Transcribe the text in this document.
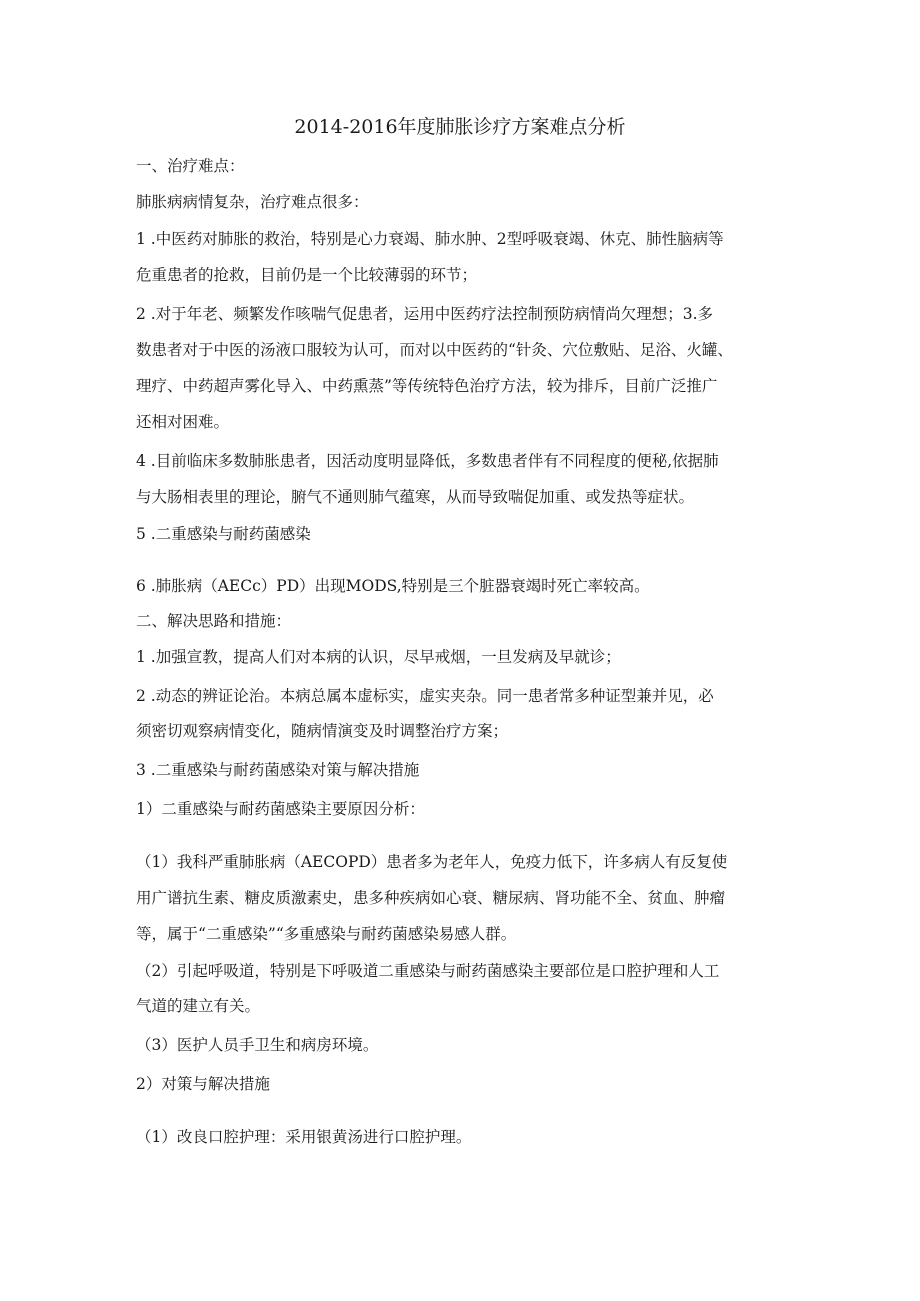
2014-2016年度肺胀诊疗方案难点分析
一、治疗难点：
肺胀病病情复杂，治疗难点很多：
1 .中医药对肺胀的救治，特别是心力衰竭、肺水肿、2型呼吸衰竭、休克、肺性脑病等
危重患者的抢救，目前仍是一个比较薄弱的环节；
2 .对于年老、频繁发作咳喘气促患者，运用中医药疗法控制预防病情尚欠理想；3.多
数患者对于中医的汤液口服较为认可，而对以中医药的“针灸、穴位敷贴、足浴、火罐、
理疗、中药超声雾化导入、中药熏蒸”等传统特色治疗方法，较为排斥，目前广泛推广
还相对困难。
4 .目前临床多数肺胀患者，因活动度明显降低，多数患者伴有不同程度的便秘,依据肺
与大肠相表里的理论，腑气不通则肺气蕴寒，从而导致喘促加重、或发热等症状。
5 .二重感染与耐药菌感染
6 .肺胀病（AECc）PD）出现MODS,特别是三个脏器衰竭时死亡率较高。
二、解决思路和措施：
1 .加强宣教，提高人们对本病的认识，尽早戒烟，一旦发病及早就诊；
2 .动态的辨证论治。本病总属本虚标实，虚实夹杂。同一患者常多种证型兼并见，必
须密切观察病情变化，随病情演变及时调整治疗方案；
3 .二重感染与耐药菌感染对策与解决措施
1）二重感染与耐药菌感染主要原因分析：
（1）我科严重肺胀病（AECOPD）患者多为老年人，免疫力低下，许多病人有反复使
用广谱抗生素、糖皮质激素史，患多种疾病如心衰、糖尿病、肾功能不全、贫血、肿瘤
等，属于“二重感染”“多重感染与耐药菌感染易感人群。
（2）引起呼吸道，特别是下呼吸道二重感染与耐药菌感染主要部位是口腔护理和人工
气道的建立有关。
（3）医护人员手卫生和病房环境。
2）对策与解决措施
（1）改良口腔护理：采用银黄汤进行口腔护理。
